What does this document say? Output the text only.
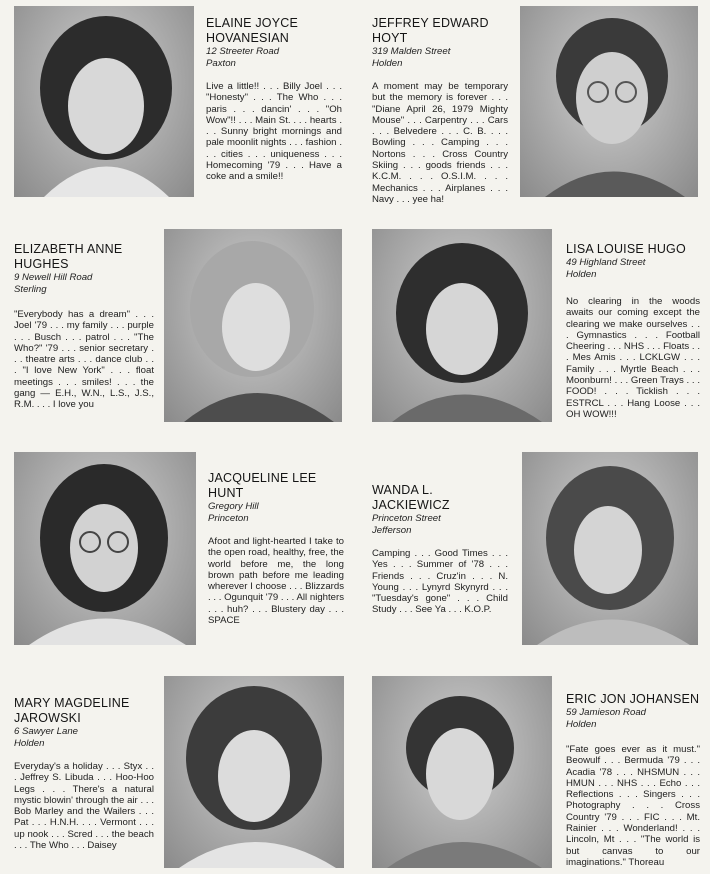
ELAINE JOYCE
HOVANESIAN
12 Streeter Road
Paxton
Live a little!! . . . Billy Joel . . . "Honesty" . . . The Who . . . paris . . . dancin' . . . "Oh Wow"!! . . . Main St. . . . hearts . . . Sunny bright mornings and pale moonlit nights . . . fashion . . . cities . . . uniqueness . . . Homecoming '79 . . . Have a coke and a smile!!
JEFFREY EDWARD
HOYT
319 Malden Street
Holden
A moment may be temporary but the memory is forever . . . "Diane April 26, 1979 Mighty Mouse" . . . Carpentry . . . Cars . . . Belvedere . . . C. B. . . . Bowling . . . Camping . . . Nortons . . . Cross Country Skiing . . . goods friends . . . K.C.M. . . . O.S.I.M. . . . Mechanics . . . Airplanes . . . Navy . . . yee ha!
ELIZABETH ANNE
HUGHES
9 Newell Hill Road
Sterling
"Everybody has a dream" . . . Joel '79 . . . my family . . . purple . . . Busch . . . patrol . . . "The Who?" '79 . . . senior secretary . . . theatre arts . . . dance club . . . "I love New York" . . . float meetings . . . smiles! . . . the gang — E.H., W.N., L.S., J.S., R.M. . . . I love you
LISA LOUISE HUGO
49 Highland Street
Holden
No clearing in the woods awaits our coming except the clearing we make ourselves . . . Gymnastics . . . Football Cheering . . . NHS . . . Floats . . . Mes Amis . . . LCKLGW . . . Family . . . Myrtle Beach . . . Moonburn! . . . Green Trays . . . FOOD! . . . Ticklish . . . ESTRCL . . . Hang Loose . . . OH WOW!!!
JACQUELINE LEE
HUNT
Gregory Hill
Princeton
Afoot and light-hearted I take to the open road, healthy, free, the world before me, the long brown path before me leading wherever I choose . . . Blizzards . . . Ogunquit '79 . . . All nighters . . . huh? . . . Blustery day . . . SPACE
WANDA L.
JACKIEWICZ
Princeton Street
Jefferson
Camping . . . Good Times . . . Yes . . . Summer of '78 . . . Friends . . . Cruz'in . . . N. Young . . . Lynyrd Skynyrd . . . "Tuesday's gone" . . . Child Study . . . See Ya . . . K.O.P.
MARY MAGDELINE
JAROWSKI
6 Sawyer Lane
Holden
Everyday's a holiday . . . Styx . . . Jeffrey S. Libuda . . . Hoo-Hoo Legs . . . There's a natural mystic blowin' through the air . . . Bob Marley and the Wailers . . . Pat . . . H.N.H. . . . Vermont . . . up nook . . . Scred . . . the beach . . . The Who . . . Daisey
ERIC JON JOHANSEN
59 Jamieson Road
Holden
"Fate goes ever as it must." Beowulf . . . Bermuda '79 . . . Acadia '78 . . . NHSMUN . . . HMUN . . . NHS . . . Echo . . . Reflections . . . Singers . . . Photography . . . Cross Country '79 . . . FIC . . . Mt. Rainier . . . Wonderland! . . . Lincoln, Mt . . . "The world is but canvas to our imaginations." Thoreau
